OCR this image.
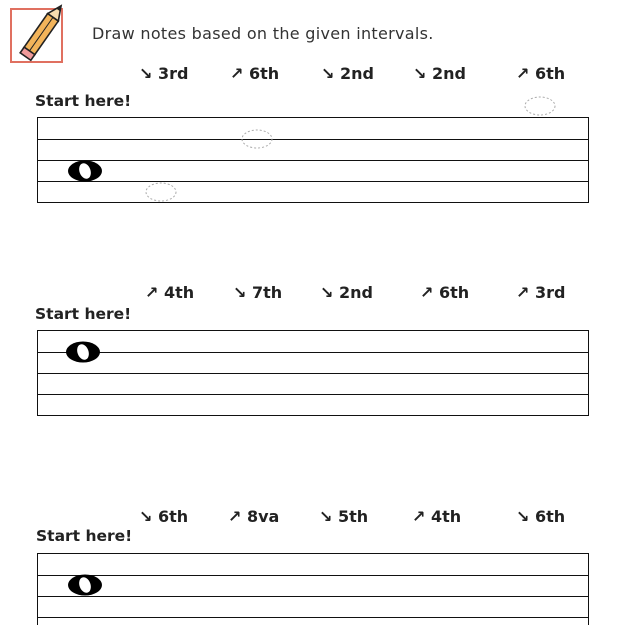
Draw notes based on the given intervals.
↘ 3rd	↗ 6th	↘ 2nd ↘ 2nd	↗ 6th
Start here!
↗ 4th ↘ 7th ↘ 2nd	↗ 6th	↗ 3rd
Start here!
↘ 6th ↗ 8va ↘ 5th	↗ 4th	↘ 6th
Start here!
